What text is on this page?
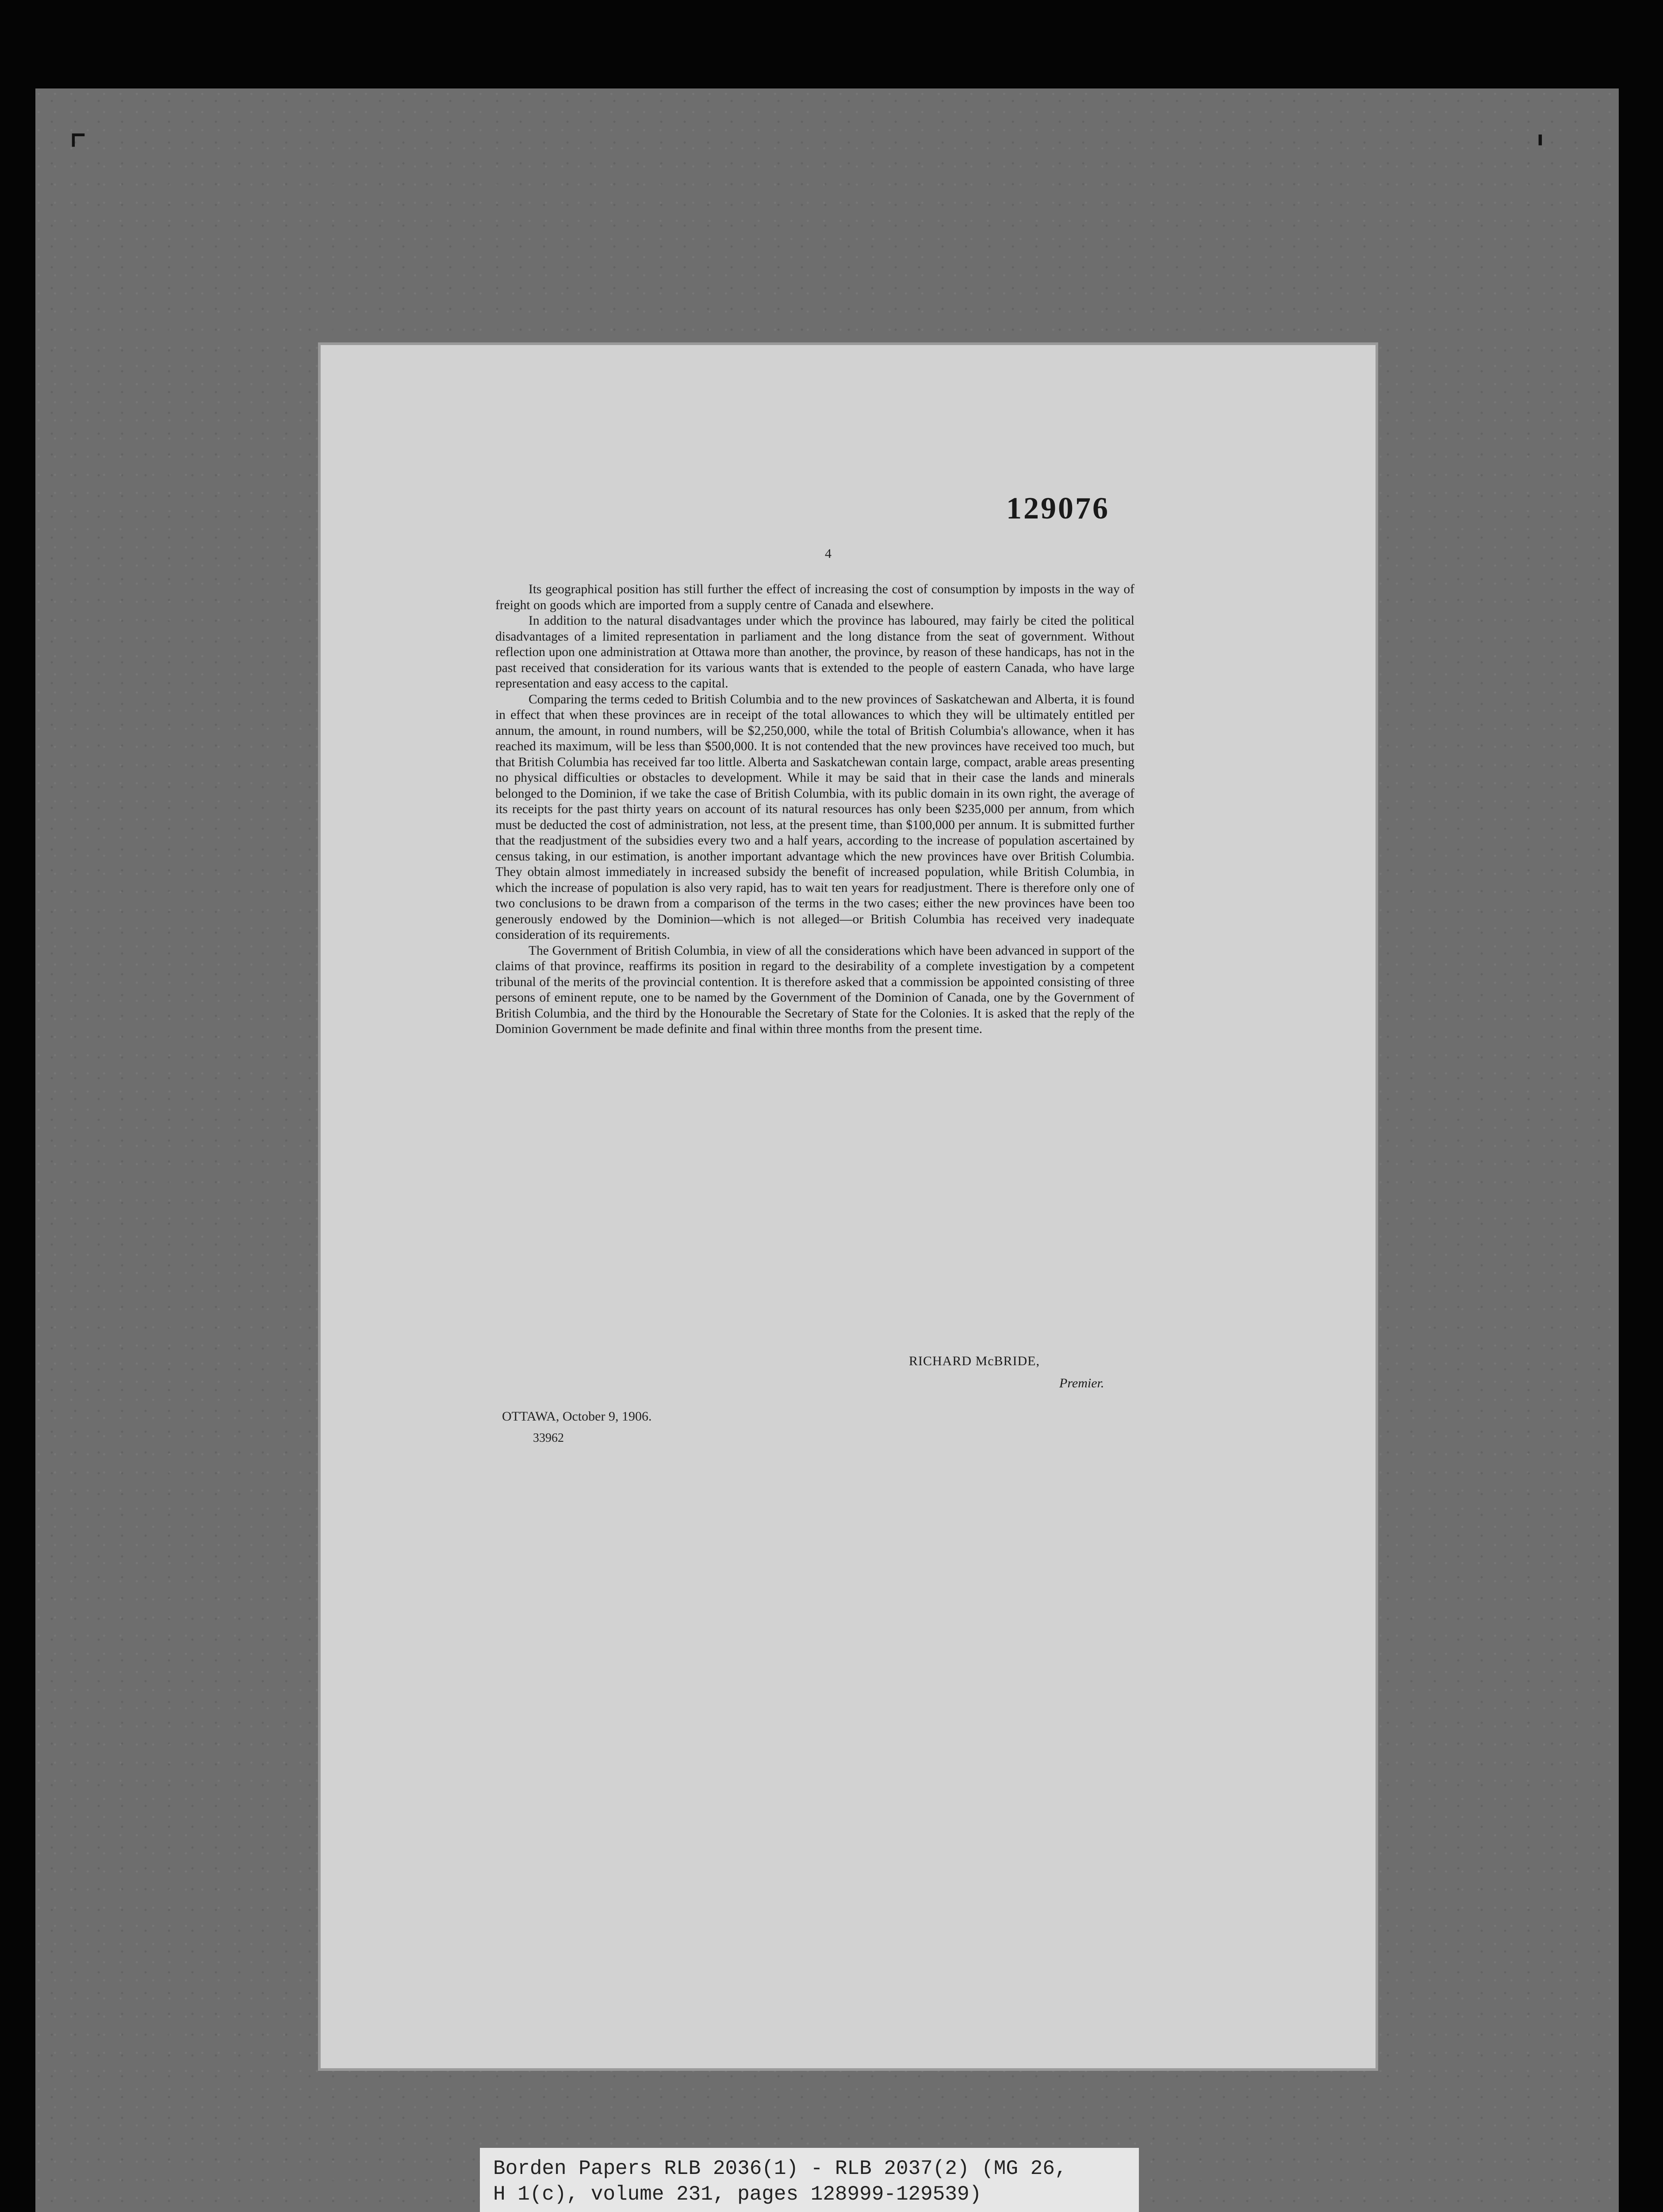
⌜	'
129076
4

Its geographical position has still further the effect of increasing the cost of consumption by imposts in the way of freight on goods which are imported from a supply centre of Canada and elsewhere.

In addition to the natural disadvantages under which the province has laboured, may fairly be cited the political disadvantages of a limited representation in parliament and the long distance from the seat of government. Without reflection upon one administration at Ottawa more than another, the province, by reason of these handicaps, has not in the past received that consideration for its various wants that is extended to the people of eastern Canada, who have large representation and easy access to the capital.

Comparing the terms ceded to British Columbia and to the new provinces of Saskatchewan and Alberta, it is found in effect that when these provinces are in receipt of the total allowances to which they will be ultimately entitled per annum, the amount, in round numbers, will be $2,250,000, while the total of British Columbia's allowance, when it has reached its maximum, will be less than $500,000. It is not contended that the new provinces have received too much, but that British Columbia has received far too little. Alberta and Saskatchewan contain large, compact, arable areas presenting no physical difficulties or obstacles to development. While it may be said that in their case the lands and minerals belonged to the Dominion, if we take the case of British Columbia, with its public domain in its own right, the average of its receipts for the past thirty years on account of its natural resources has only been $235,000 per annum, from which must be deducted the cost of administration, not less, at the present time, than $100,000 per annum. It is submitted further that the readjustment of the subsidies every two and a half years, according to the increase of population ascertained by census taking, in our estimation, is another important advantage which the new provinces have over British Columbia. They obtain almost immediately in increased subsidy the benefit of increased population, while British Columbia, in which the increase of population is also very rapid, has to wait ten years for readjustment. There is therefore only one of two conclusions to be drawn from a comparison of the terms in the two cases; either the new provinces have been too generously endowed by the Dominion—which is not alleged—or British Columbia has received very inadequate consideration of its requirements.

The Government of British Columbia, in view of all the considerations which have been advanced in support of the claims of that province, reaffirms its position in regard to the desirability of a complete investigation by a competent tribunal of the merits of the provincial contention. It is therefore asked that a commission be appointed consisting of three persons of eminent repute, one to be named by the Government of the Dominion of Canada, one by the Government of British Columbia, and the third by the Honourable the Secretary of State for the Colonies. It is asked that the reply of the Dominion Government be made definite and final within three months from the present time.

RICHARD McBRIDE,
Premier.
OTTAWA, October 9, 1906.
33962
Borden Papers RLB 2036(1) - RLB 2037(2) (MG 26,
H 1(c), volume 231, pages 128999-129539)
